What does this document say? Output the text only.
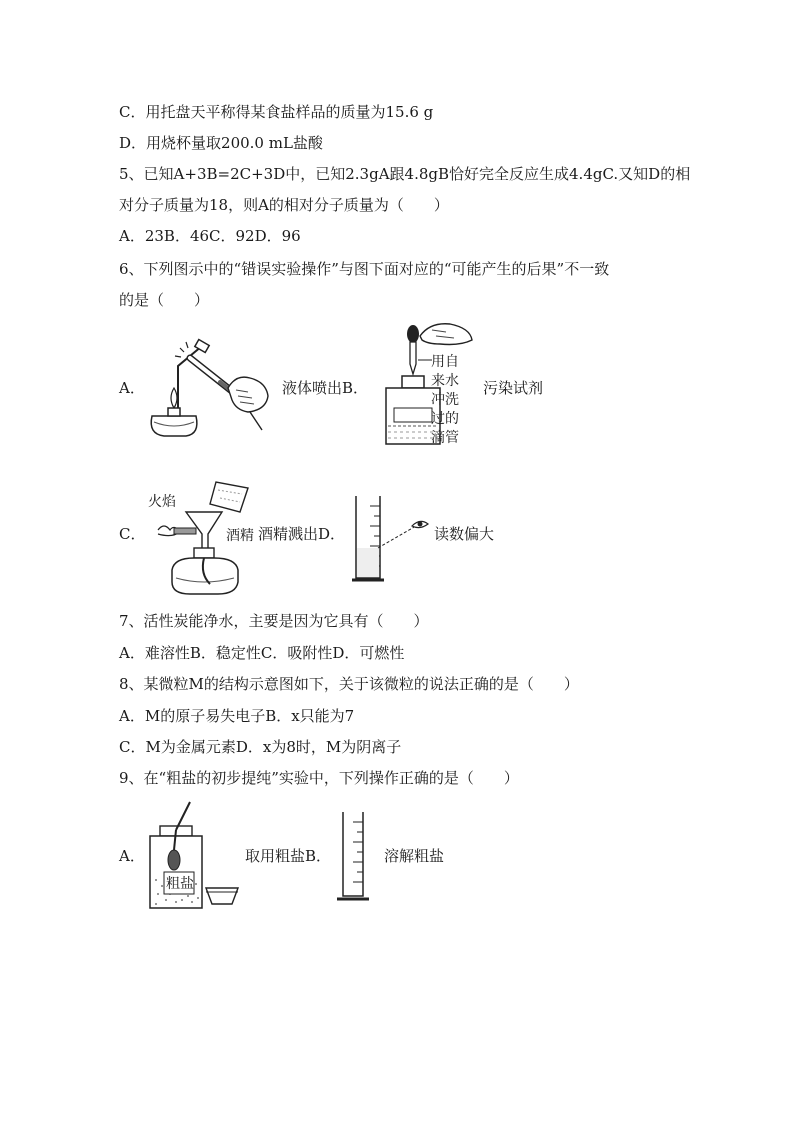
C．用托盘天平称得某食盐样品的质量为15.6 g
D．用烧杯量取200.0 mL盐酸
5、已知A+3B=2C+3D中，已知2.3gA跟4.8gB恰好完全反应生成4.4gC.又知D的相
对分子质量为18，则A的相对分子质量为（　　）
A．23B．46C．92D．96
6、下列图示中的“错误实验操作”与图下面对应的“可能产生的后果”不一致
的是（　　）
A．	液体喷出B．
用自
来水
冲洗
过的
滴管
污染试剂
C．
火焰
酒精 酒精溅出D．	读数偏大
7、活性炭能净水，主要是因为它具有（　　）
A．难溶性B．稳定性C．吸附性D．可燃性
8、某微粒M的结构示意图如下，关于该微粒的说法正确的是（　　）
A．M的原子易失电子B．x只能为7
C．M为金属元素D．x为8时，M为阴离子
9、在“粗盐的初步提纯”实验中，下列操作正确的是（　　）
A．
粗盐
取用粗盐B．	溶解粗盐
